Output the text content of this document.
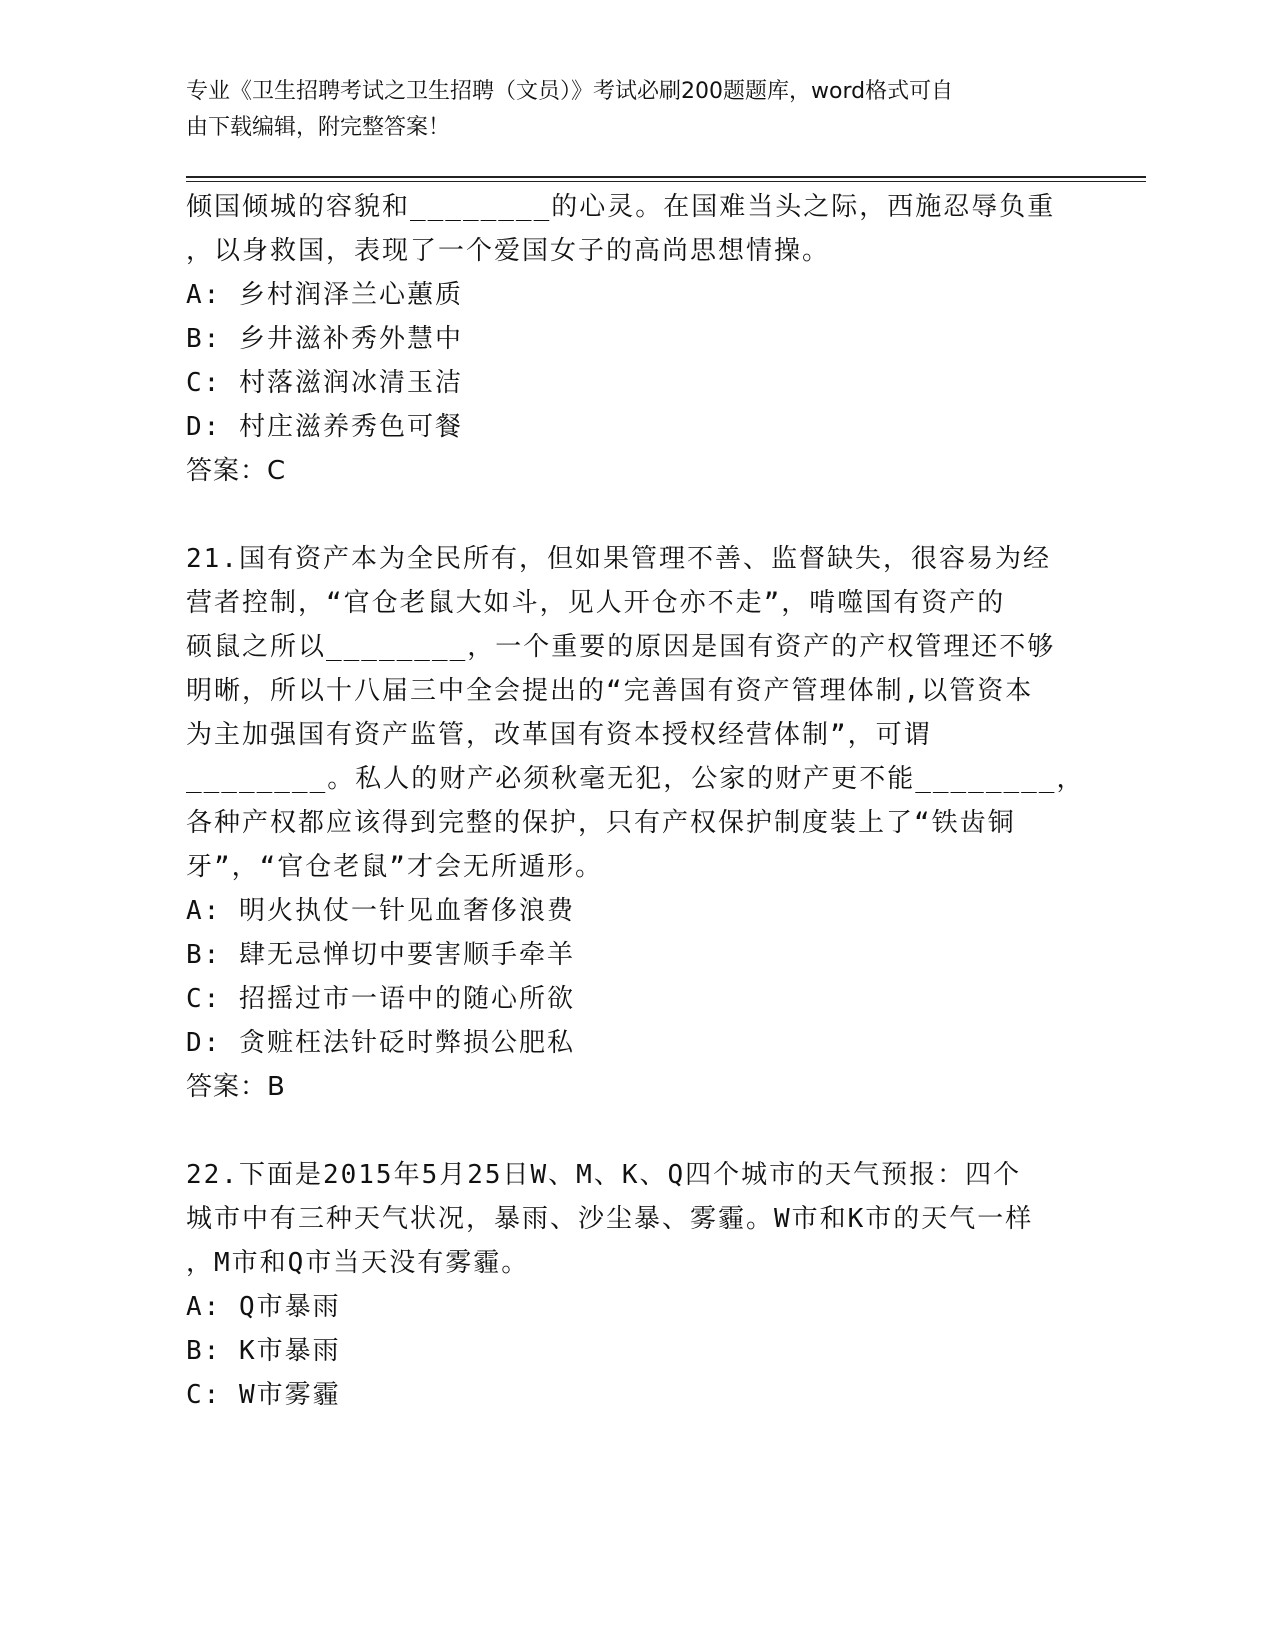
专业《卫生招聘考试之卫生招聘（文员）》考试必刷200题题库，word格式可自
由下载编辑，附完整答案！
倾国倾城的容貌和________的心灵。在国难当头之际，西施忍辱负重
，以身救国，表现了一个爱国女子的高尚思想情操。
A: 乡村润泽兰心蕙质
B: 乡井滋补秀外慧中
C: 村落滋润冰清玉洁
D: 村庄滋养秀色可餐
答案：C
21.国有资产本为全民所有，但如果管理不善、监督缺失，很容易为经
营者控制，“官仓老鼠大如斗，见人开仓亦不走”，啃噬国有资产的
硕鼠之所以________，一个重要的原因是国有资产的产权管理还不够
明晰，所以十八届三中全会提出的“完善国有资产管理体制,以管资本
为主加强国有资产监管，改革国有资本授权经营体制”，可谓
________。私人的财产必须秋毫无犯，公家的财产更不能________，
各种产权都应该得到完整的保护，只有产权保护制度装上了“铁齿铜
牙”，“官仓老鼠”才会无所遁形。
A: 明火执仗一针见血奢侈浪费
B: 肆无忌惮切中要害顺手牵羊
C: 招摇过市一语中的随心所欲
D: 贪赃枉法针砭时弊损公肥私
答案：B
22.下面是2015年5月25日W、M、K、Q四个城市的天气预报：四个
城市中有三种天气状况，暴雨、沙尘暴、雾霾。W市和K市的天气一样
，M市和Q市当天没有雾霾。
A: Q市暴雨
B: K市暴雨
C: W市雾霾
